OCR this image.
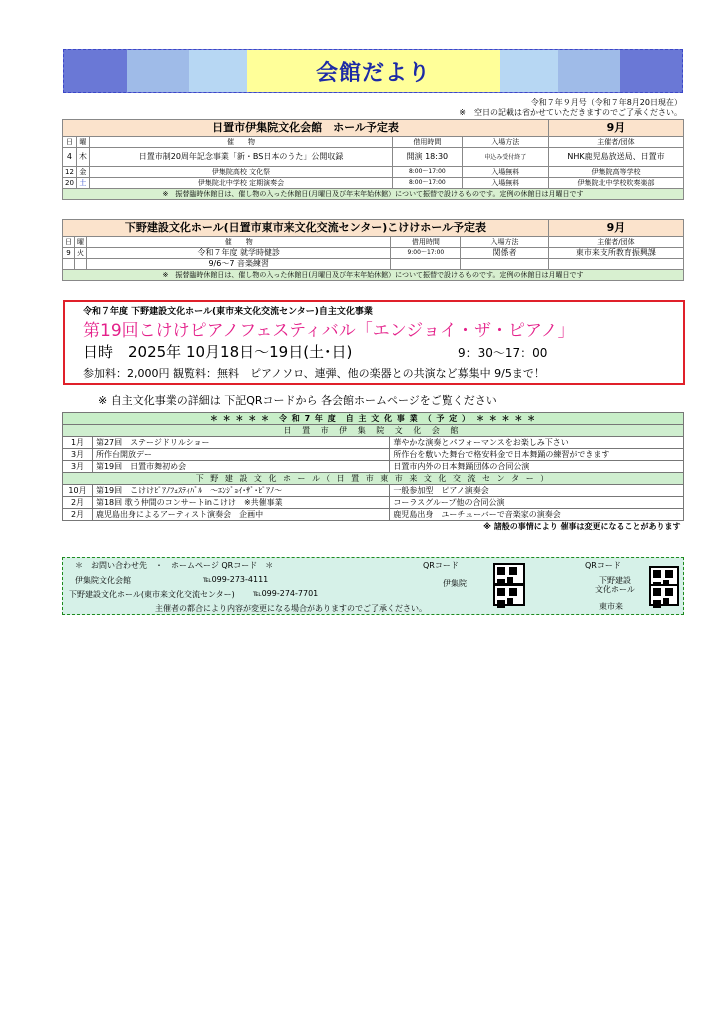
会館だより
令和７年９月号（令和７年8月20日現在）
※　空日の記載は省かせていただきますのでご了承ください。
日置市伊集院文化会館　ホール予定表					9月
日	曜	催　　物	借用時間	入場方法	主催者/団体
4	木	日置市制20周年記念事業「新・BS日本のうた」公開収録	開演 18:30	申込み受付終了	NHK鹿児島放送局、日置市
12	金	伊集院高校 文化祭	8:00～17:00	入場無料	伊集院高等学校
20	土	伊集院北中学校 定期演奏会	8:00～17:00	入場無料	伊集院北中学校吹奏楽部
※　振替臨時休館日は、催し物の入った休館日(月曜日及び年末年始休館）について振替で設けるものです。定例の休館日は月曜日です					
下野建設文化ホール(日置市東市来文化交流センター)こけけホール予定表					9月
日	曜	催　　物	借用時間	入場方法	主催者/団体
9	火	令和７年度 就学時健診	9:00～17:00	関係者	東市来支所教育振興課
		9/6～7 音楽練習			
※　振替臨時休館日は、催し物の入った休館日(月曜日及び年末年始休館）について振替で設けるものです。定例の休館日は月曜日です					
令和７年度 下野建設文化ホール(東市来文化交流センター)自主文化事業
第19回こけけピアノフェスティバル「エンジョイ・ザ・ピアノ」
日時　2025年 10月18日～19日(土･日)	9：30～17：00
参加料：2,000円 観覧料：無料　ピアノソロ、連弾、他の楽器との共演など募集中 9/5まで！
※ 自主文化事業の詳細は 下記QRコードから 各会館ホームページをご覧ください
＊ ＊ ＊ ＊ ＊　令 和 7 年 度　自 主 文 化 事 業　（ 予 定 ）　＊ ＊ ＊ ＊ ＊		
日 置 市 伊 集 院 文 化 会 館		
1月	第27回　ステージドリルショー	華やかな演奏とパフォーマンスをお楽しみ下さい
3月	所作台開放デー	所作台を敷いた舞台で格安料金で日本舞踊の練習ができます
3月	第19回　日置市舞初め会	日置市内外の日本舞踊団体の合同公演
下 野 建 設 文 化 ホ ー ル（ 日 置 市 東 市 来 文 化 交 流 セ ン タ ー ）		
10月	第19回　こけけﾋﾟｱﾉﾌｪｽﾃｨﾊﾞﾙ　～ｴﾝｼﾞｮｲ･ｻﾞ･ﾋﾟｱﾉ～	一般参加型　ピアノ演奏会
2月	第18回 歌う仲間のコンサートinこけけ　※共催事業	コーラスグループ他の合同公演
2月	鹿児島出身によるアーティスト演奏会　企画中	鹿児島出身　ユーチューバーで音楽家の演奏会
※ 諸般の事情により 催事は変更になることがあります		
＊　お問い合わせ先　・　ホームページ QRコード　＊
伊集院文化会館	℡099-273-4111
下野建設文化ホール(東市来文化交流センター) ℡099-274-7701
主催者の都合により内容が変更になる場合がありますのでご了承ください。
QRコード
伊集院
QRコード
下野建設
文化ホール
東市来
